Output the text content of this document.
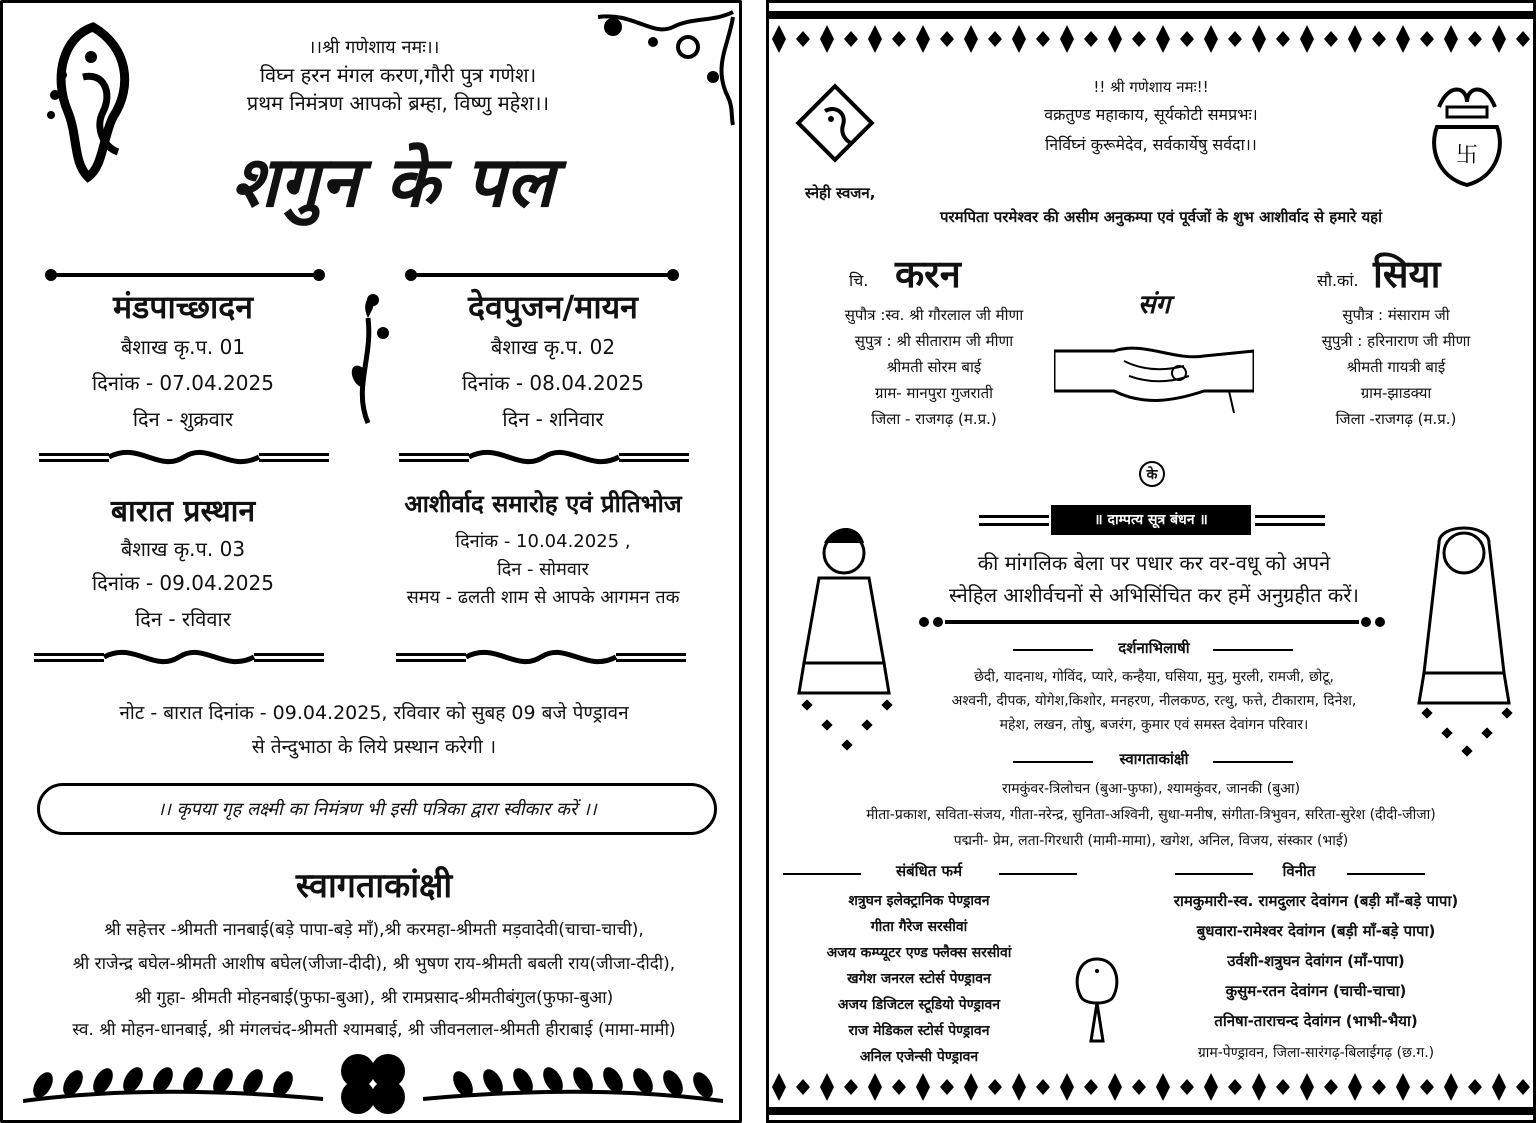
।।श्री गणेशाय नमः।।
विघ्न हरन मंगल करण,गौरी पुत्र गणेश।
प्रथम निमंत्रण आपको ब्रम्हा, विष्णु महेश।।
शगुन के पल
मंडपाच्छादन
बैशाख कृ.प. 01
दिनांक - 07.04.2025
दिन - शुक्रवार
देवपुजन/मायन
बैशाख कृ.प. 02
दिनांक - 08.04.2025
दिन - शनिवार
बारात प्रस्थान
बैशाख कृ.प. 03
दिनांक - 09.04.2025
दिन - रविवार
आशीर्वाद समारोह एवं प्रीतिभोज
दिनांक - 10.04.2025 ,
दिन - सोमवार
समय - ढलती शाम से आपके आगमन तक
नोट - बारात दिनांक - 09.04.2025, रविवार को सुबह 09 बजे पेण्ड्रावन
से तेन्दुभाठा के लिये प्रस्थान करेगी ।
।। कृपया गृह लक्ष्मी का निमंत्रण भी इसी पत्रिका द्वारा स्वीकार करें ।।
स्वागताकांक्षी
श्री सहेत्तर -श्रीमती नानबाई(बड़े पापा-बड़े माँ),श्री करमहा-श्रीमती मड़वादेवी(चाचा-चाची),
श्री राजेन्द्र बघेल-श्रीमती आशीष बघेल(जीजा-दीदी), श्री भुषण राय-श्रीमती बबली राय(जीजा-दीदी),
श्री गुहा- श्रीमती मोहनबाई(फुफा-बुआ), श्री रामप्रसाद-श्रीमतीबंगुल(फुफा-बुआ)
स्व. श्री मोहन-धानबाई, श्री मंगलचंद-श्रीमती श्यामबाई, श्री जीवनलाल-श्रीमती हीराबाई (मामा-मामी)
卐
!! श्री गणेशाय नमः!!
वक्रतुण्ड महाकाय, सूर्यकोटी समप्रभः।
निर्विघ्नं कुरूमेदेव, सर्वकार्येषु सर्वदा।।
स्नेही स्वजन,
परमपिता परमेश्वर की असीम अनुकम्पा एवं पूर्वजों के शुभ आशीर्वाद से हमारे यहां
चि. करन
सुपौत्र :स्व. श्री गौरलाल जी मीणा
सुपुत्र : श्री सीताराम जी मीणा
श्रीमती सोरम बाई
ग्राम- मानपुरा गुजराती
जिला - राजगढ़ (म.प्र.)
संग
सौ.कां. सिया
सुपौत्र : मंसाराम जी
सुपुत्री : हरिनाराण जी मीणा
श्रीमती गायत्री बाई
ग्राम-झाडक्या
जिला -राजगढ़ (म.प्र.)
के
॥ दाम्पत्य सूत्र बंधन ॥
की मांगलिक बेला पर पधार कर वर-वधू को अपने
स्नेहिल आशीर्वचनों से अभिसिंचित कर हमें अनुग्रहीत करें।
दर्शनाभिलाषी
छेदी, यादनाथ, गोविंद, प्यारे, कन्हैया, घसिया, मुनु, मुरली, रामजी, छोटू,
अश्वनी, दीपक, योगेश,किशोर, मनहरण, नीलकण्ठ, रत्थु, फत्ते, टीकाराम, दिनेश,
महेश, लखन, तोषु, बजरंग, कुमार एवं समस्त देवांगन परिवार।
स्वागताकांक्षी
रामकुंवर-त्रिलोचन (बुआ-फुफा), श्यामकुंवर, जानकी (बुआ)
मीता-प्रकाश, सविता-संजय, गीता-नरेन्द्र, सुनिता-अश्विनी, सुधा-मनीष, संगीता-त्रिभुवन, सरिता-सुरेश (दीदी-जीजा)
पद्मनी- प्रेम, लता-गिरधारी (मामी-मामा), खगेश, अनिल, विजय, संस्कार (भाई)
संबंधित फर्म
शत्रुघन इलेक्ट्रानिक पेण्ड्रावन
गीता गैरेज सरसीवां
अजय कम्प्यूटर एण्ड फ्लैक्स सरसीवां
खगेश जनरल स्टोर्स पेण्ड्रावन
अजय डिजिटल स्टूडियो पेण्ड्रावन
राज मेडिकल स्टोर्स पेण्ड्रावन
अनिल एजेन्सी पेण्ड्रावन
विनीत
रामकुमारी-स्व. रामदुलार देवांगन (बड़ी माँ-बड़े पापा)
बुधवारा-रामेश्वर देवांगन (बड़ी माँ-बड़े पापा)
उर्वशी-शत्रुघन देवांगन (माँ-पापा)
कुसुम-रतन देवांगन (चाची-चाचा)
तनिषा-ताराचन्द देवांगन (भाभी-भैया)
ग्राम-पेण्ड्रावन, जिला-सारंगढ़-बिलाईगढ़ (छ.ग.)
